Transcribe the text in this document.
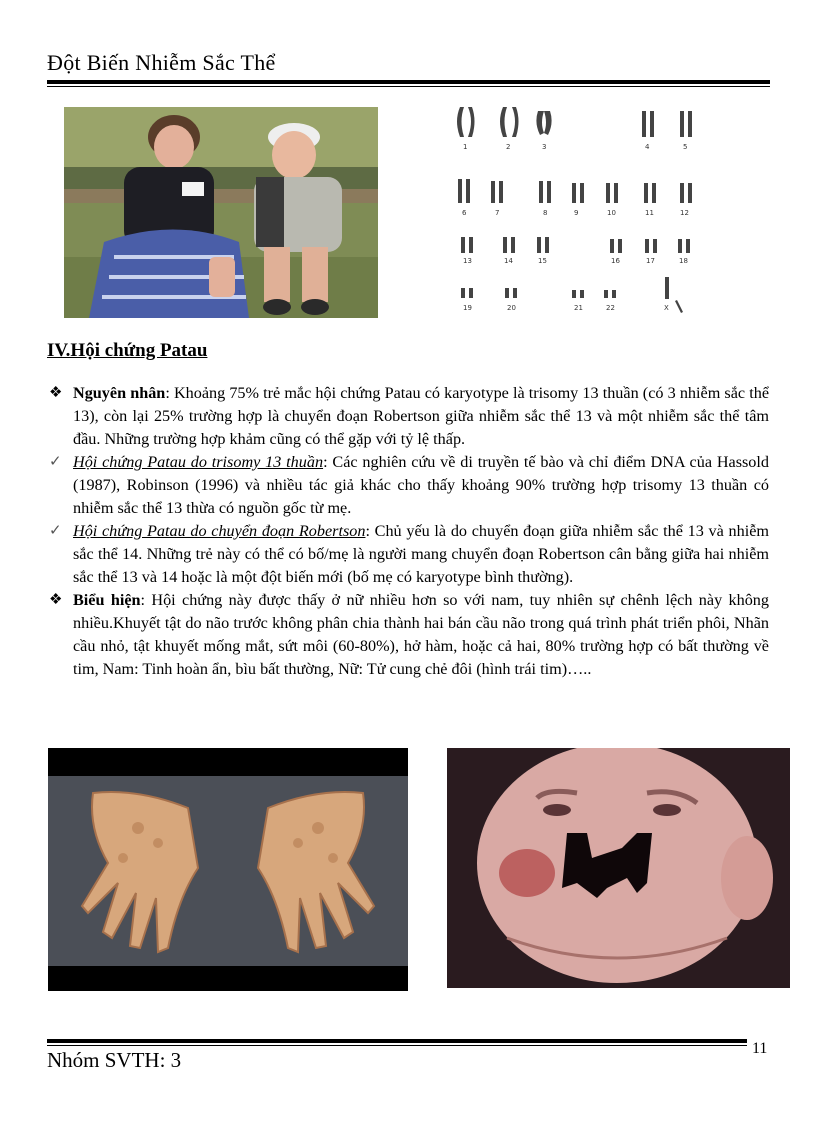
Đột Biến Nhiễm Sắc Thể
1	2	3	4	5
6	7	8	9	10	11	12
13	14	15	16	17	18
19	20	21	22	X
IV.Hội chứng Patau
❖ Nguyên nhân: Khoảng 75% trẻ mắc hội chứng Patau có karyotype là trisomy 13 thuần (có 3 nhiễm sắc thể 13), còn lại 25% trường hợp là chuyển đoạn Robertson giữa nhiễm sắc thể 13 và một nhiễm sắc thể tâm đầu. Những trường hợp khảm cũng có thể gặp với tỷ lệ thấp.
✓ Hội chứng Patau do trisomy 13 thuần: Các nghiên cứu về di truyền tế bào và chỉ điểm DNA của Hassold (1987), Robinson (1996) và nhiều tác giả khác cho thấy khoảng 90% trường hợp trisomy 13 thuần có nhiễm sắc thể 13 thừa có nguồn gốc từ mẹ.
✓ Hội chứng Patau do chuyển đoạn Robertson: Chủ yếu là do chuyển đoạn giữa nhiễm sắc thể 13 và nhiễm sắc thể 14. Những trẻ này có thể có bố/mẹ là người mang chuyển đoạn Robertson cân bằng giữa hai nhiễm sắc thể 13 và 14 hoặc là một đột biến mới (bố mẹ có karyotype bình thường).
❖ Biểu hiện: Hội chứng này được thấy ở nữ nhiều hơn so với nam, tuy nhiên sự chênh lệch này không nhiều.Khuyết tật do não trước không phân chia thành hai bán cầu não trong quá trình phát triển phôi, Nhãn cầu nhỏ, tật khuyết mống mắt, sứt môi (60-80%), hở hàm, hoặc cả hai, 80% trường hợp có bất thường về tim, Nam: Tinh hoàn ẩn, bìu bất thường, Nữ: Tử cung chẻ đôi (hình trái tim)…..
Nhóm SVTH: 3	11
